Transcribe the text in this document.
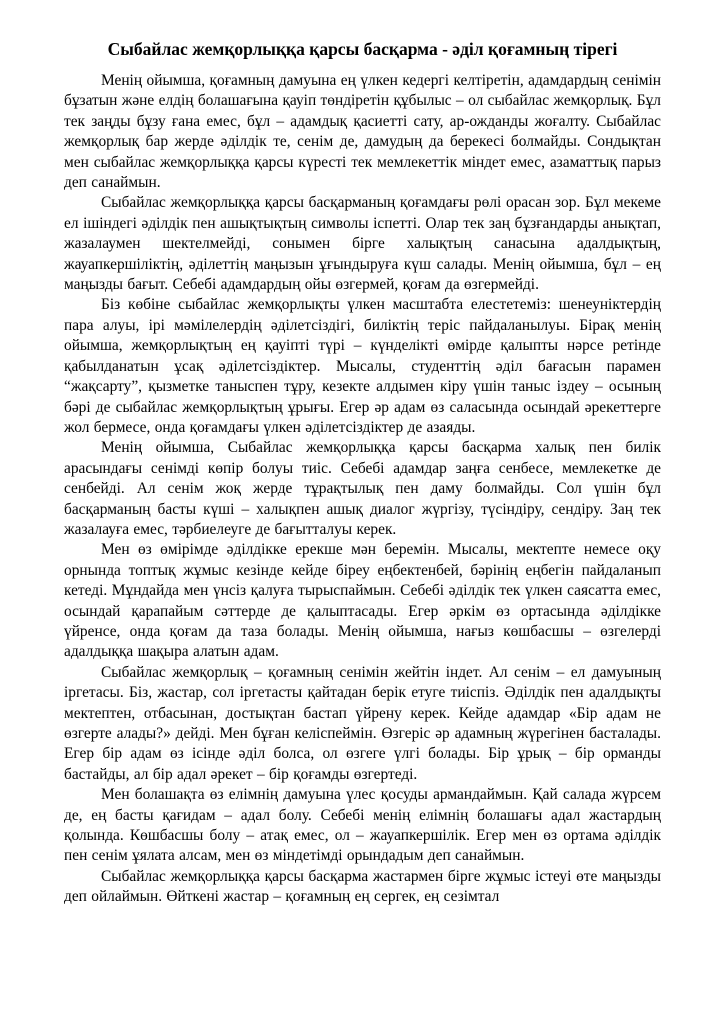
Сыбайлас жемқорлыққа қарсы басқарма - әділ қоғамның тірегі

Менің ойымша, қоғамның дамуына ең үлкен кедергі келтіретін, адамдардың сенімін бұзатын және елдің болашағына қауіп төндіретін құбылыс – ол сыбайлас жемқорлық. Бұл тек заңды бұзу ғана емес, бұл – адамдық қасиетті сату, ар-ожданды жоғалту. Сыбайлас жемқорлық бар жерде әділдік те, сенім де, дамудың да берекесі болмайды. Сондықтан мен сыбайлас жемқорлыққа қарсы күресті тек мемлекеттік міндет емес, азаматтық парыз деп санаймын.

Сыбайлас жемқорлыққа қарсы басқарманың қоғамдағы рөлі орасан зор. Бұл мекеме ел ішіндегі әділдік пен ашықтықтың символы іспетті. Олар тек заң бұзғандарды анықтап, жазалаумен шектелмейді, сонымен бірге халықтың санасына адалдықтың, жауапкершіліктің, әділеттің маңызын ұғындыруға күш салады. Менің ойымша, бұл – ең маңызды бағыт. Себебі адамдардың ойы өзгермей, қоғам да өзгермейді.

Біз көбіне сыбайлас жемқорлықты үлкен масштабта елестетеміз: шенеуніктердің пара алуы, ірі мәмілелердің әділетсіздігі, биліктің теріс пайдаланылуы. Бірақ менің ойымша, жемқорлықтың ең қауіпті түрі – күнделікті өмірде қалыпты нәрсе ретінде қабылданатын ұсақ әділетсіздіктер. Мысалы, студенттің әділ бағасын парамен “жақсарту”, қызметке таныспен тұру, кезекте алдымен кіру үшін таныс іздеу – осының бәрі де сыбайлас жемқорлықтың ұрығы. Егер әр адам өз саласында осындай әрекеттерге жол бермесе, онда қоғамдағы үлкен әділетсіздіктер де азаяды.

Менің ойымша, Сыбайлас жемқорлыққа қарсы басқарма халық пен билік арасындағы сенімді көпір болуы тиіс. Себебі адамдар заңға сенбесе, мемлекетке де сенбейді. Ал сенім жоқ жерде тұрақтылық пен даму болмайды. Сол үшін бұл басқарманың басты күші – халықпен ашық диалог жүргізу, түсіндіру, сендіру. Заң тек жазалауға емес, тәрбиелеуге де бағытталуы керек.

Мен өз өмірімде әділдікке ерекше мән беремін. Мысалы, мектепте немесе оқу орнында топтық жұмыс кезінде кейде біреу еңбектенбей, бәрінің еңбегін пайдаланып кетеді. Мұндайда мен үнсіз қалуға тырыспаймын. Себебі әділдік тек үлкен саясатта емес, осындай қарапайым сәттерде де қалыптасады. Егер әркім өз ортасында әділдікке үйренсе, онда қоғам да таза болады. Менің ойымша, нағыз көшбасшы – өзгелерді адалдыққа шақыра алатын адам.

Сыбайлас жемқорлық – қоғамның сенімін жейтін індет. Ал сенім – ел дамуының іргетасы. Біз, жастар, сол іргетасты қайтадан берік етуге тиіспіз. Әділдік пен адалдықты мектептен, отбасынан, достықтан бастап үйрену керек. Кейде адамдар «Бір адам не өзгерте алады?» дейді. Мен бұған келіспеймін. Өзгеріс әр адамның жүрегінен басталады. Егер бір адам өз ісінде әділ болса, ол өзгеге үлгі болады. Бір ұрық – бір орманды бастайды, ал бір адал әрекет – бір қоғамды өзгертеді.

Мен болашақта өз елімнің дамуына үлес қосуды армандаймын. Қай салада жүрсем де, ең басты қағидам – адал болу. Себебі менің елімнің болашағы адал жастардың қолында. Көшбасшы болу – атақ емес, ол – жауапкершілік. Егер мен өз ортама әділдік пен сенім ұялата алсам, мен өз міндетімді орындадым деп санаймын.

Сыбайлас жемқорлыққа қарсы басқарма жастармен бірге жұмыс істеуі өте маңызды деп ойлаймын. Өйткені жастар – қоғамның ең сергек, ең сезімтал
